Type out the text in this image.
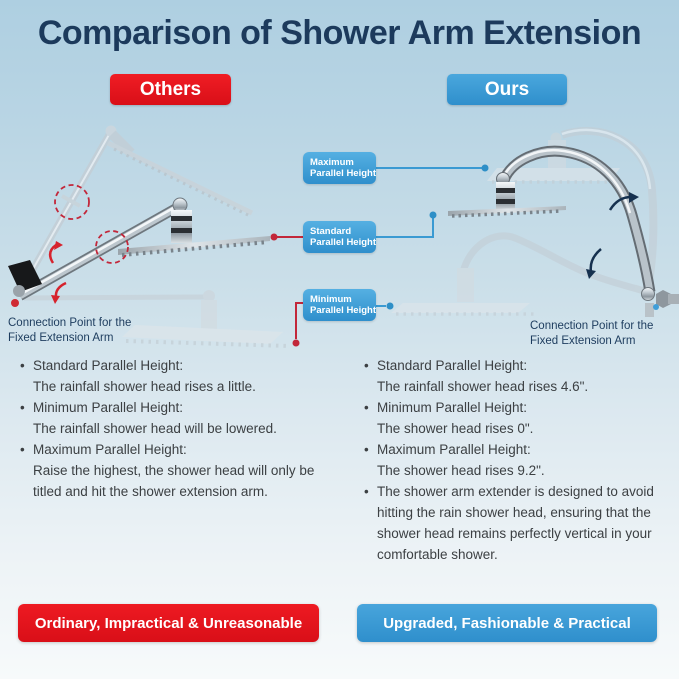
Comparison of Shower Arm Extension
Others	Ours
Maximum
Parallel Height
Standard
Parallel Height
Minimum
Parallel Height
Connection Point for the Fixed Extension Arm
Connection Point for the Fixed Extension Arm
• Standard Parallel Height:
The rainfall shower head rises a little.
• Minimum Parallel Height:
The rainfall shower head will be lowered.
• Maximum Parallel Height:
Raise the highest, the shower head will only be titled and hit the shower extension arm.
• Standard Parallel Height:
The rainfall shower head rises 4.6".
• Minimum Parallel Height:
The shower head rises 0".
• Maximum Parallel Height:
The shower head rises 9.2".
• The shower arm extender is designed to avoid hitting the rain shower head, ensuring that the shower head remains perfectly vertical in your comfortable shower.
Ordinary, Impractical & Unreasonable	Upgraded, Fashionable & Practical
